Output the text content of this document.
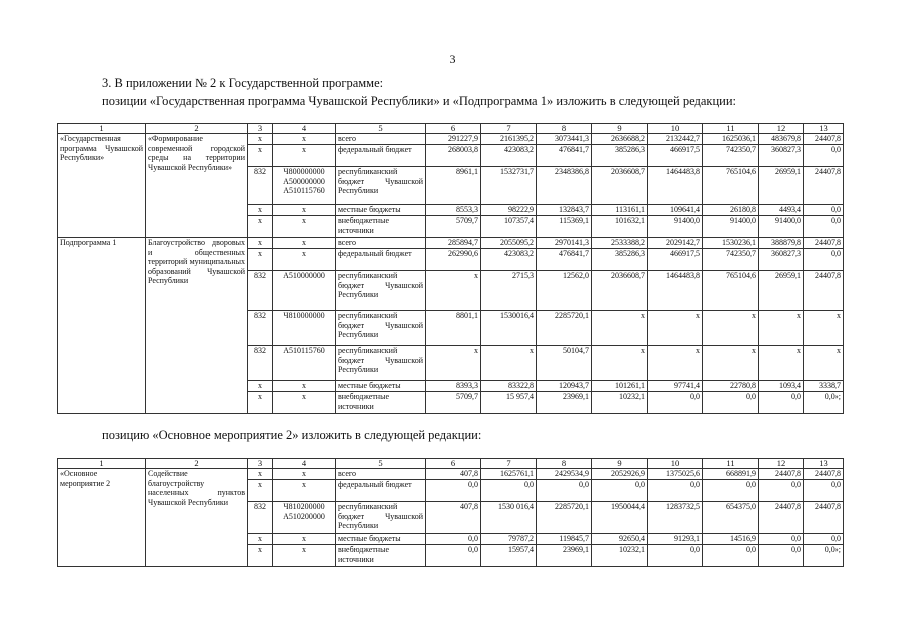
3
3. В приложении № 2 к Государственной программе:
позиции «Государственная программа Чувашской Республики» и «Подпрограмма 1» изложить в следующей редакции:
1	2	3	4	5	6	7	8	9	10	11	12	13
«Государственная программа Чувашской Республики»	«Формирование современной городской среды на территории Чувашской Республики»	х	х	всего	291227,9	2161395,2	3073441,3	2636688,2	2132442,7	1625036,1	483679,8	24407,8
		х	х	федеральный бюджет	268003,8	423083,2	476841,7	385286,3	466917,5	742350,7	360827,3	0,0
		832	Ч800000000 А500000000 А510115760	республиканский бюджет Чувашской Республики	8961,1	1532731,7	2348386,8	2036608,7	1464483,8	765104,6	26959,1	24407,8
		х	х	местные бюджеты	8553,3	98222,9	132843,7	113161,1	109641,4	26180,8	4493,4	0,0
		х	х	внебюджетные источники	5709,7	107357,4	115369,1	101632,1	91400,0	91400,0	91400,0	0,0
Подпрограмма 1	Благоустройство дворовых и общественных территорий муниципальных образований Чувашской Республики	х	х	всего	285894,7	2055095,2	2970141,3	2533388,2	2029142,7	1530236,1	388879,8	24407,8
		х	х	федеральный бюджет	262990,6	423083,2	476841,7	385286,3	466917,5	742350,7	360827,3	0,0
		832	А510000000	республиканский бюджет Чувашской Республики	х	2715,3	12562,0	2036608,7	1464483,8	765104,6	26959,1	24407,8
		832	Ч810000000	республиканский бюджет Чувашской Республики	8801,1	1530016,4	2285720,1	х	х	х	х	х
		832	А510115760	республиканский бюджет Чувашской Республики	х	х	50104,7	х	х	х	х	х
		х	х	местные бюджеты	8393,3	83322,8	120943,7	101261,1	97741,4	22780,8	1093,4	3338,7
		х	х	внебюджетные источники	5709,7	15 957,4	23969,1	10232,1	0,0	0,0	0,0	0,0»;
позицию «Основное мероприятие 2» изложить в следующей редакции:
1	2	3	4	5	6	7	8	9	10	11	12	13
«Основное мероприятие 2	Содействие благоустройству населенных пунктов Чувашской Республики	х	х	всего	407,8	1625761,1	2429534,9	2052926,9	1375025,6	668891,9	24407,8	24407,8
		х	х	федеральный бюджет	0,0	0,0	0,0	0,0	0,0	0,0	0,0	0,0
		832	Ч810200000 А510200000	республиканский бюджет Чувашской Республики	407,8	1530 016,4	2285720,1	1950044,4	1283732,5	654375,0	24407,8	24407,8
		х	х	местные бюджеты	0,0	79787,2	119845,7	92650,4	91293,1	14516,9	0,0	0,0
		х	х	внебюджетные источники	0,0	15957,4	23969,1	10232,1	0,0	0,0	0,0	0,0»;
